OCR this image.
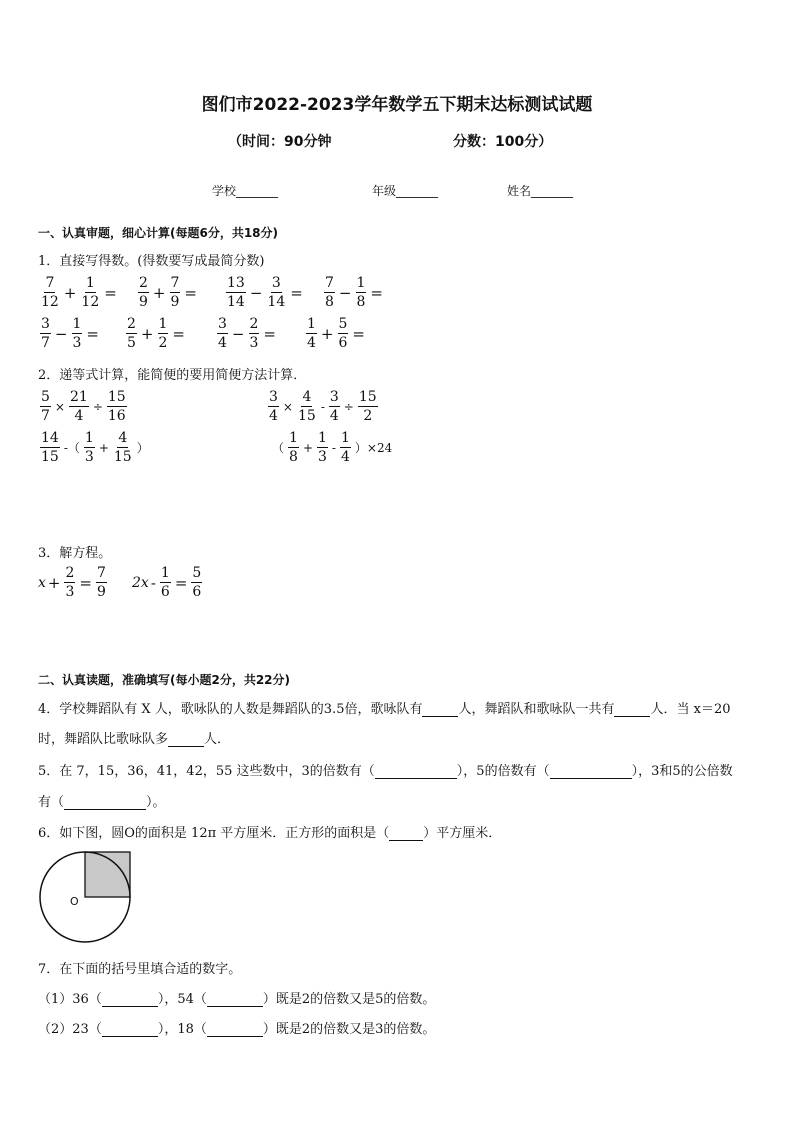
图们市2022-2023学年数学五下期末达标测试试题
（时间：90分钟	分数：100分）
学校_______	年级_______	姓名_______
一、认真审题，细心计算(每题6分，共18分)
1．直接写得数。(得数要写成最简分数)
7
12
+ $\frac{1}{12}$ =
2
9
+ $\frac{7}{9}$ =
13
14
− $\frac{3}{14}$ =
7
8
− $\frac{1}{8}$ =
3
7
− $\frac{1}{3}$ =
2
5
+ $\frac{1}{2}$ =
3
4
− $\frac{2}{3}$ =
1
4
+ $\frac{5}{6}$ =
2．递等式计算，能简便的要用简便方法计算．
$\frac{5}{7} \times \frac{21}{4} \div \frac{15}{16}$	$\frac{3}{4} \times \frac{4}{15} - \frac{3}{4} \div \frac{15}{2}$
14
15
-（
1
3
+ $\frac{4}{15}$ ）	（
1
8
+ $\frac{1}{3}$ -
1
4
）×24
3．解方程。
$x + \frac{2}{3} = \frac{7}{9} 2x - \frac{1}{6} = \frac{5}{6}$
二、认真读题，准确填写(每小题2分，共22分)
4．学校舞蹈队有 X 人，歌咏队的人数是舞蹈队的3.5倍，歌咏队有	人，舞蹈队和歌咏队一共有	人．当 x＝20
时，舞蹈队比歌咏队多	人．
5．在 7，15，36，41，42，55 这些数中，3的倍数有（	），5的倍数有（	），3和5的公倍数
有（	）。
6．如下图，圆O的面积是 12π 平方厘米．正方形的面积是（	）平方厘米．
O
7．在下面的括号里填合适的数字。
（1）36（	），54（	）既是2的倍数又是5的倍数。
（2）23（	），18（	）既是2的倍数又是3的倍数。
